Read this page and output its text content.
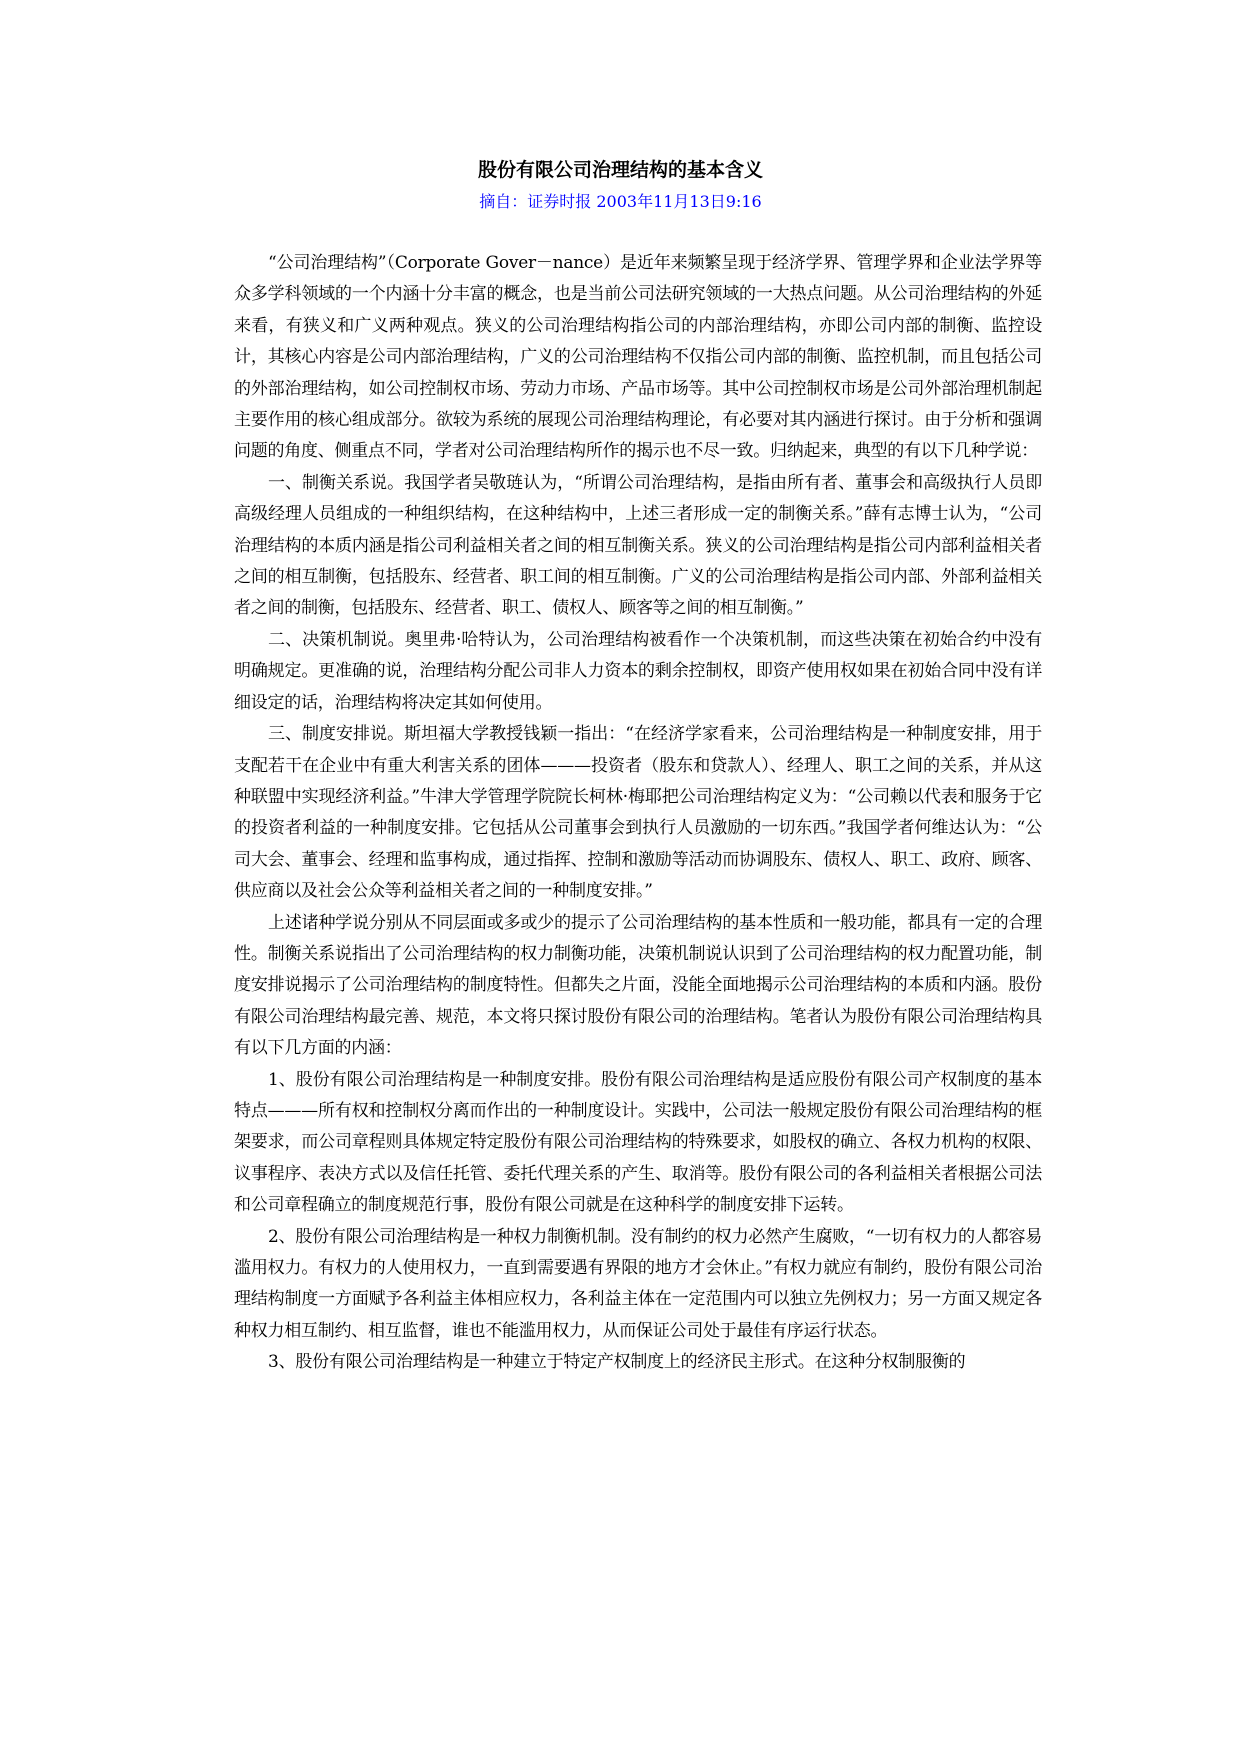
股份有限公司治理结构的基本含义
摘自：证券时报 2003年11月13日9:16

“公司治理结构”（Corporate Gover－nance）是近年来频繁呈现于经济学界、管理学界和企业法学界等众多学科领域的一个内涵十分丰富的概念，也是当前公司法研究领域的一大热点问题。从公司治理结构的外延来看，有狭义和广义两种观点。狭义的公司治理结构指公司的内部治理结构，亦即公司内部的制衡、监控设计，其核心内容是公司内部治理结构，广义的公司治理结构不仅指公司内部的制衡、监控机制，而且包括公司的外部治理结构，如公司控制权市场、劳动力市场、产品市场等。其中公司控制权市场是公司外部治理机制起主要作用的核心组成部分。欲较为系统的展现公司治理结构理论，有必要对其内涵进行探讨。由于分析和强调问题的角度、侧重点不同，学者对公司治理结构所作的揭示也不尽一致。归纳起来，典型的有以下几种学说：

一、制衡关系说。我国学者吴敬琏认为，“所谓公司治理结构，是指由所有者、董事会和高级执行人员即高级经理人员组成的一种组织结构，在这种结构中，上述三者形成一定的制衡关系。”薛有志博士认为，“公司治理结构的本质内涵是指公司利益相关者之间的相互制衡关系。狭义的公司治理结构是指公司内部利益相关者之间的相互制衡，包括股东、经营者、职工间的相互制衡。广义的公司治理结构是指公司内部、外部利益相关者之间的制衡，包括股东、经营者、职工、债权人、顾客等之间的相互制衡。”

二、决策机制说。奥里弗·哈特认为，公司治理结构被看作一个决策机制，而这些决策在初始合约中没有明确规定。更准确的说，治理结构分配公司非人力资本的剩余控制权，即资产使用权如果在初始合同中没有详细设定的话，治理结构将决定其如何使用。

三、制度安排说。斯坦福大学教授钱颖一指出：“在经济学家看来，公司治理结构是一种制度安排，用于支配若干在企业中有重大利害关系的团体———投资者（股东和贷款人）、经理人、职工之间的关系，并从这种联盟中实现经济利益。”牛津大学管理学院院长柯林·梅耶把公司治理结构定义为：“公司赖以代表和服务于它的投资者利益的一种制度安排。它包括从公司董事会到执行人员激励的一切东西。”我国学者何维达认为：“公司大会、董事会、经理和监事构成，通过指挥、控制和激励等活动而协调股东、债权人、职工、政府、顾客、供应商以及社会公众等利益相关者之间的一种制度安排。”

上述诸种学说分别从不同层面或多或少的提示了公司治理结构的基本性质和一般功能，都具有一定的合理性。制衡关系说指出了公司治理结构的权力制衡功能，决策机制说认识到了公司治理结构的权力配置功能，制度安排说揭示了公司治理结构的制度特性。但都失之片面，没能全面地揭示公司治理结构的本质和内涵。股份有限公司治理结构最完善、规范，本文将只探讨股份有限公司的治理结构。笔者认为股份有限公司治理结构具有以下几方面的内涵：

1、股份有限公司治理结构是一种制度安排。股份有限公司治理结构是适应股份有限公司产权制度的基本特点———所有权和控制权分离而作出的一种制度设计。实践中，公司法一般规定股份有限公司治理结构的框架要求，而公司章程则具体规定特定股份有限公司治理结构的特殊要求，如股权的确立、各权力机构的权限、议事程序、表决方式以及信任托管、委托代理关系的产生、取消等。股份有限公司的各利益相关者根据公司法和公司章程确立的制度规范行事，股份有限公司就是在这种科学的制度安排下运转。

2、股份有限公司治理结构是一种权力制衡机制。没有制约的权力必然产生腐败，“一切有权力的人都容易滥用权力。有权力的人使用权力，一直到需要遇有界限的地方才会休止。”有权力就应有制约，股份有限公司治理结构制度一方面赋予各利益主体相应权力，各利益主体在一定范围内可以独立先例权力；另一方面又规定各种权力相互制约、相互监督，谁也不能滥用权力，从而保证公司处于最佳有序运行状态。

3、股份有限公司治理结构是一种建立于特定产权制度上的经济民主形式。在这种分权制服衡的
